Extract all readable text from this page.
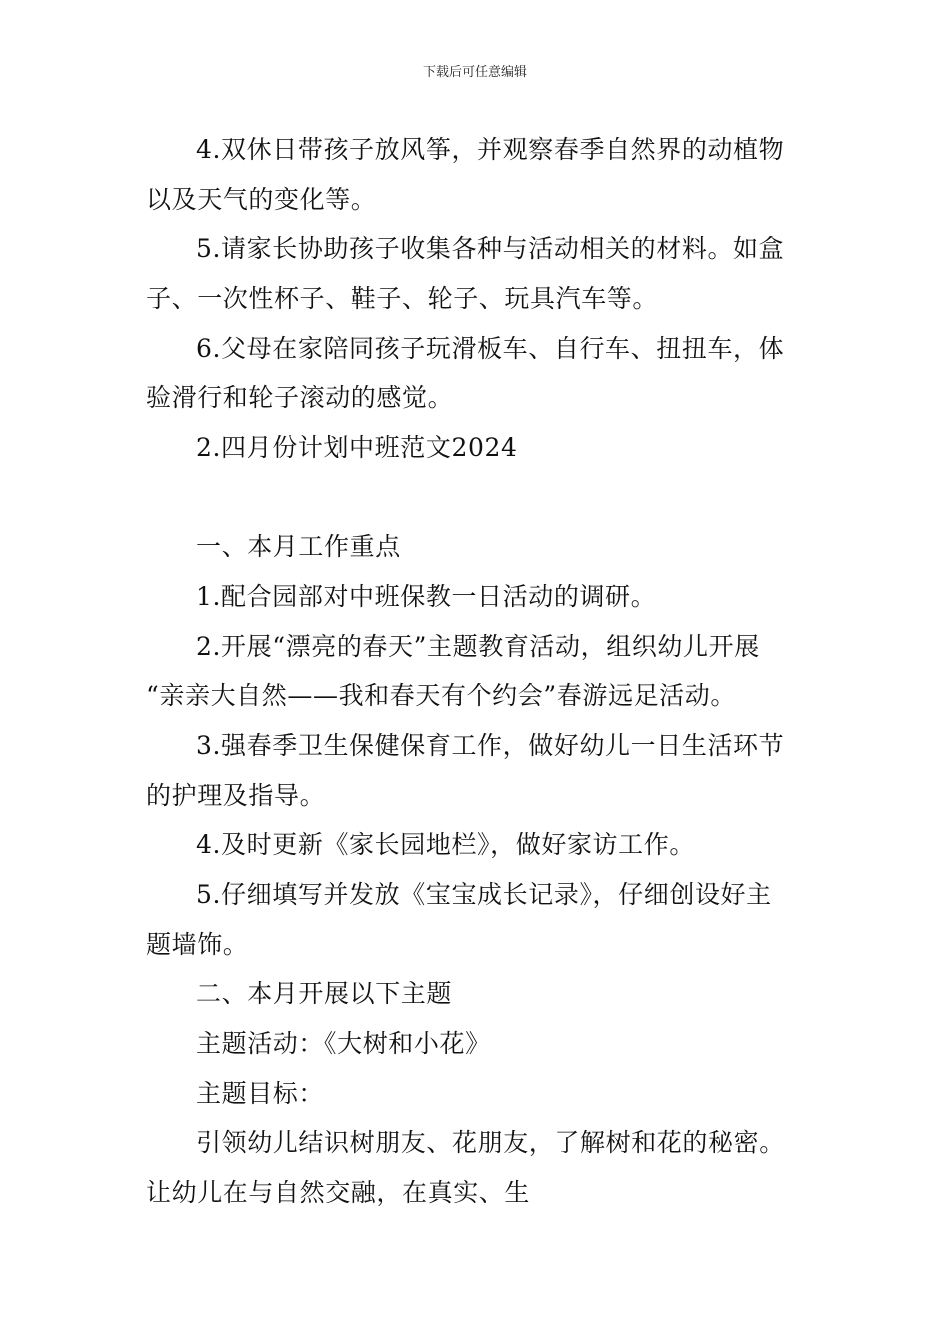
下载后可任意编辑
4.双休日带孩子放风筝，并观察春季自然界的动植物
以及天气的变化等。
5.请家长协助孩子收集各种与活动相关的材料。如盒
子、一次性杯子、鞋子、轮子、玩具汽车等。
6.父母在家陪同孩子玩滑板车、自行车、扭扭车，体
验滑行和轮子滚动的感觉。
2.四月份计划中班范文2024
一、本月工作重点
1.配合园部对中班保教一日活动的调研。
2.开展“漂亮的春天”主题教育活动，组织幼儿开展
“亲亲大自然——我和春天有个约会”春游远足活动。
3.强春季卫生保健保育工作，做好幼儿一日生活环节
的护理及指导。
4.及时更新《家长园地栏》，做好家访工作。
5.仔细填写并发放《宝宝成长记录》，仔细创设好主
题墙饰。
二、本月开展以下主题
主题活动：《大树和小花》
主题目标：
引领幼儿结识树朋友、花朋友，了解树和花的秘密。
让幼儿在与自然交融，在真实、生
